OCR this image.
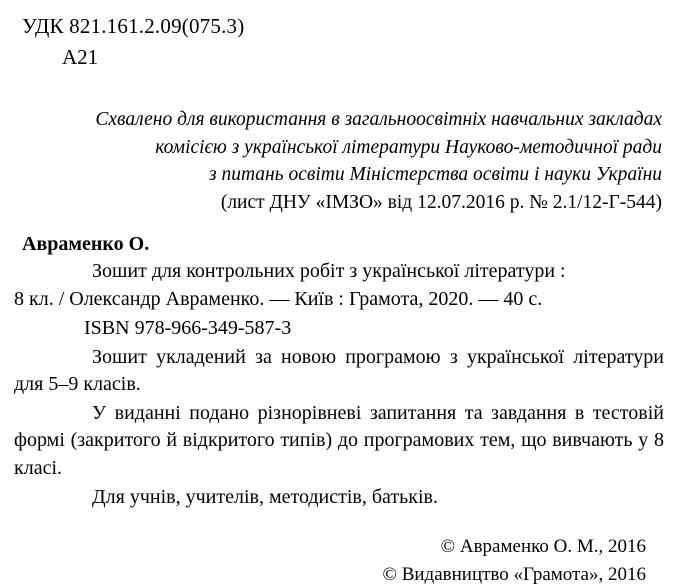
УДК 821.161.2.09(075.3)
А21
Схвалено для використання в загальноосвітніх навчальних закладах
комісією з української літератури Науково-методичної ради
з питань освіти Міністерства освіти і науки України
(лист ДНУ «ІМЗО» від 12.07.2016 р. № 2.1/12-Г-544)
Авраменко О.

Зошит для контрольних робіт з української літератури :

8 кл. / Олександр Авраменко. — Київ : Грамота, 2020. — 40 с.

ISBN 978-966-349-587-3

Зошит укладений за новою програмою з української літератури для 5–9 класів.

У виданні подано різнорівневі запитання та завдання в тестовій формі (закритого й відкритого типів) до програмових тем, що вивчають у 8 класі.

Для учнів, учителів, методистів, батьків.

© Авраменко О. М., 2016
© Видавництво «Грамота», 2016
